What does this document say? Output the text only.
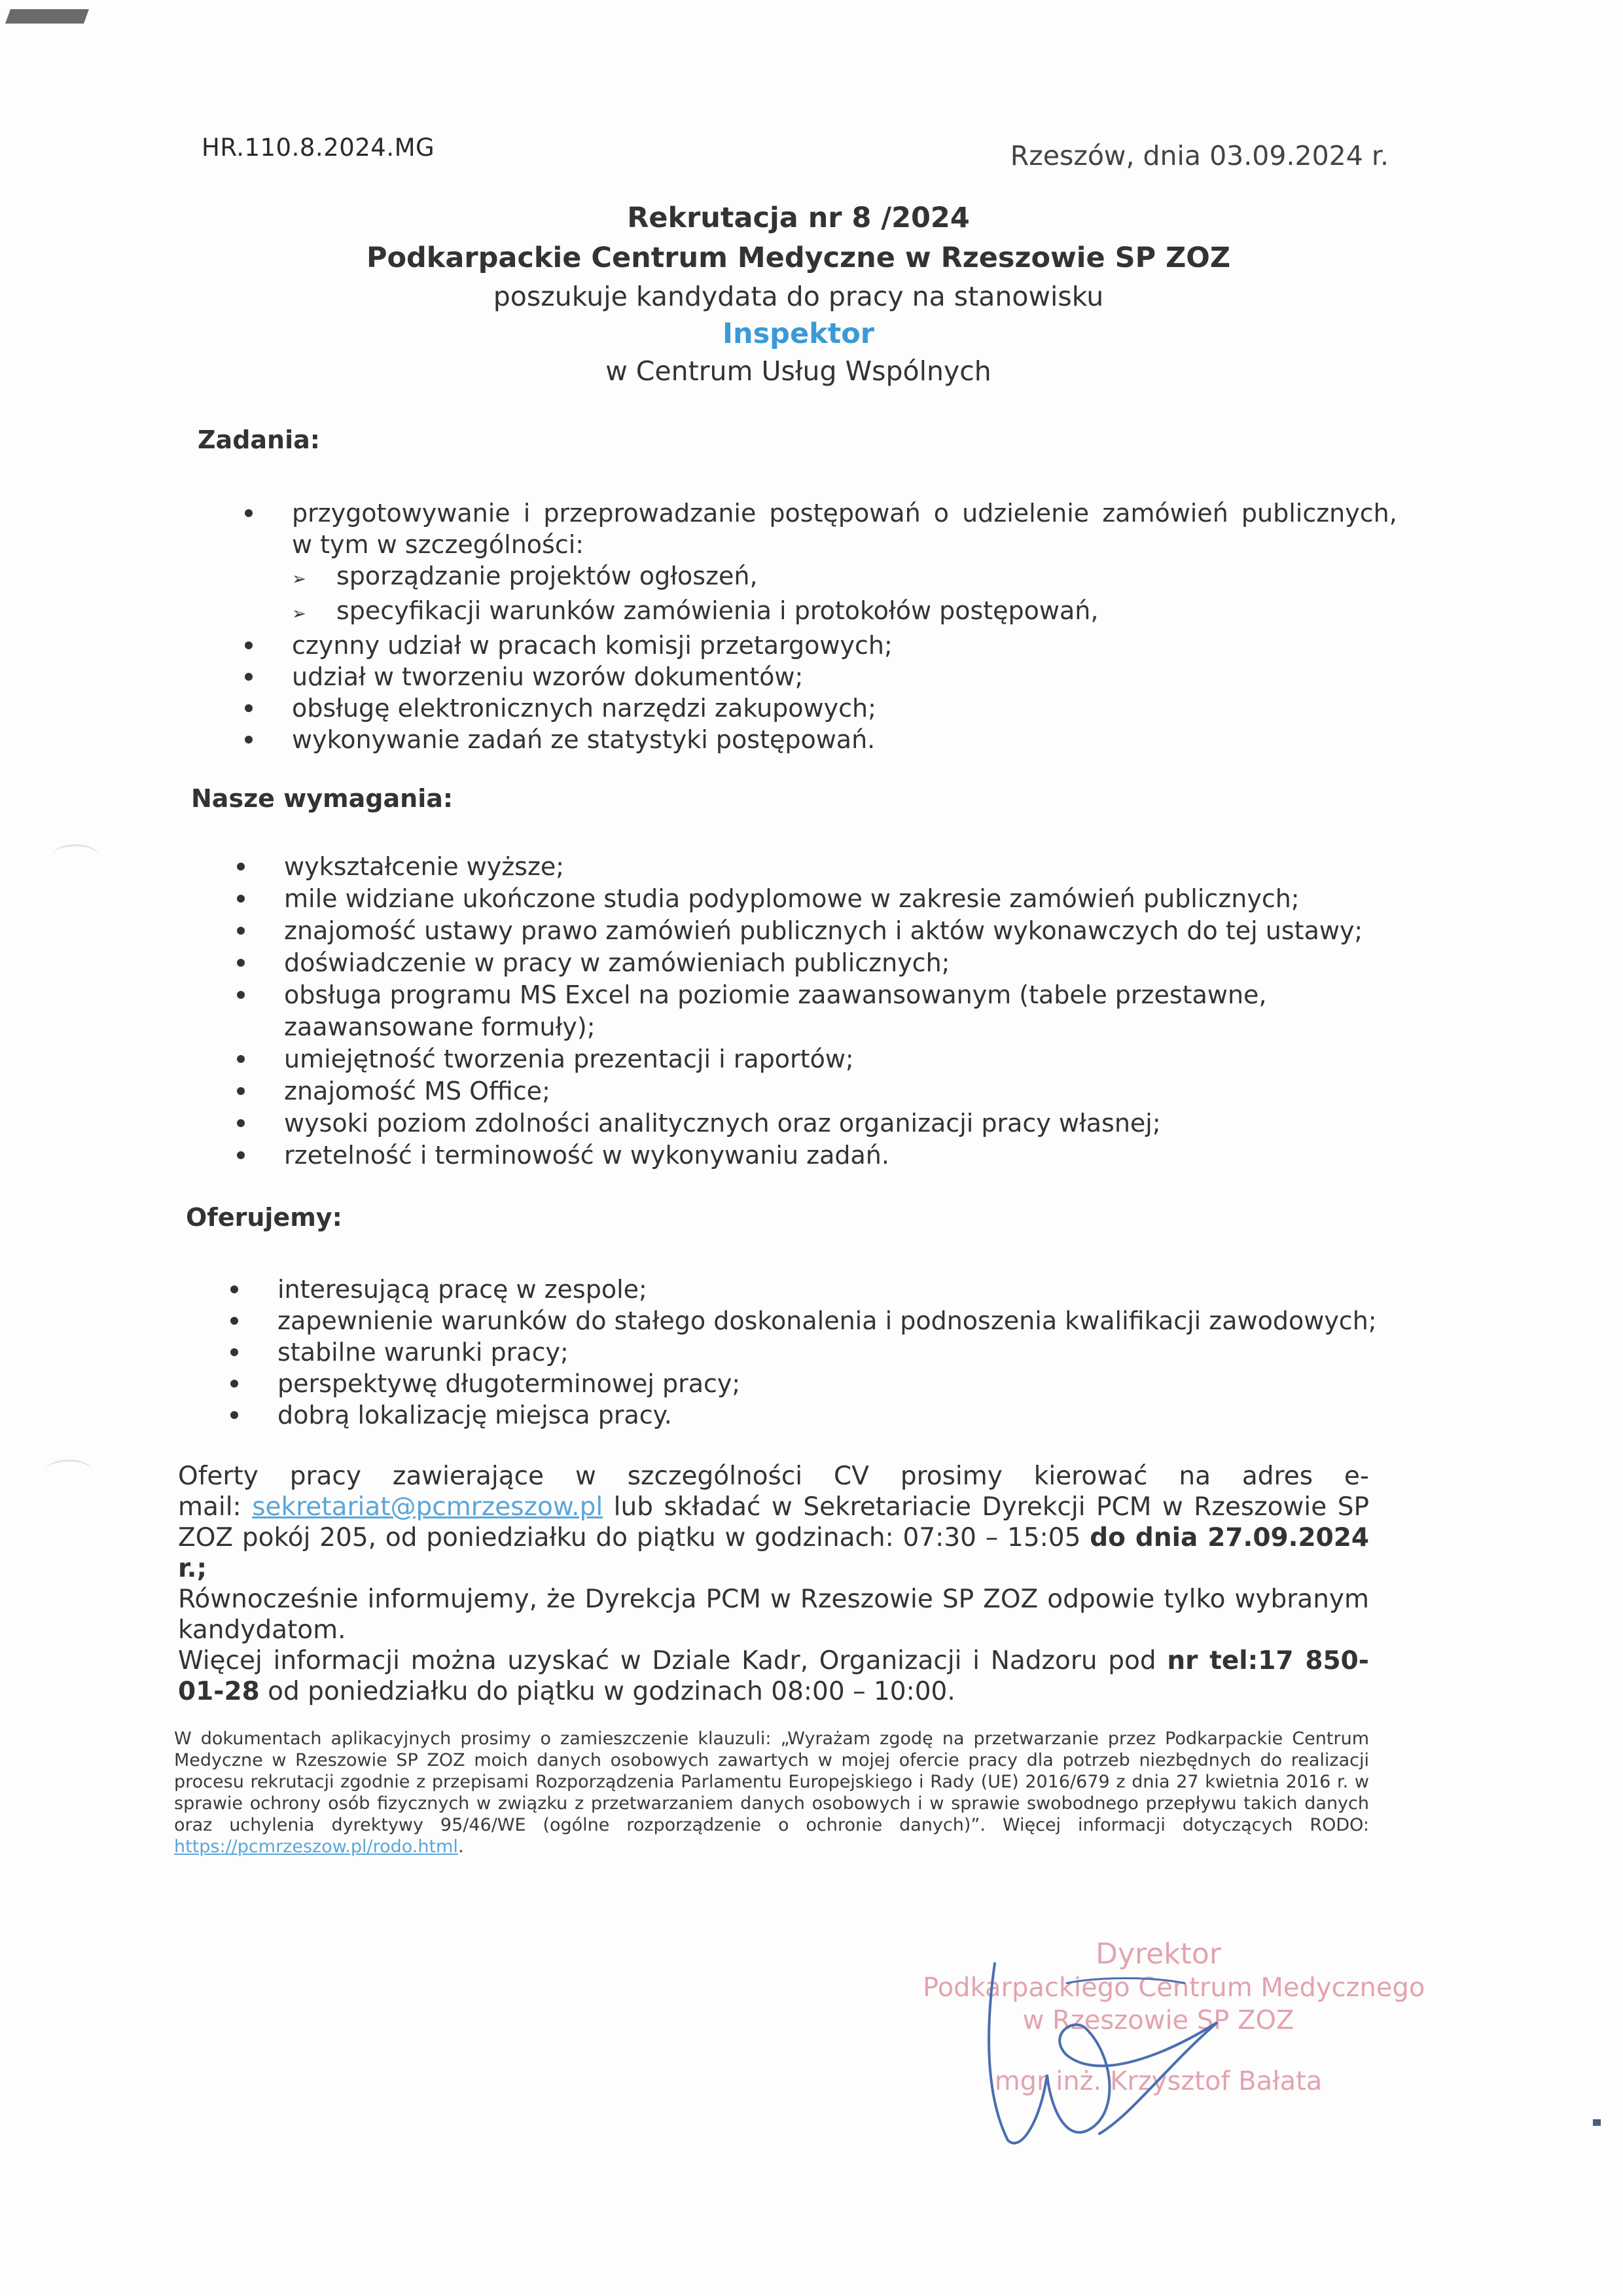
HR.110.8.2024.MG	Rzeszów, dnia 03.09.2024 r.
Rekrutacja nr 8 /2024
Podkarpackie Centrum Medyczne w Rzeszowie SP ZOZ
poszukuje kandydata do pracy na stanowisku
Inspektor
w Centrum Usług Wspólnych
Zadania:
przygotowywanie i przeprowadzanie postępowań o udzielenie zamówień publicznych,
w tym w szczególności:
➢ sporządzanie projektów ogłoszeń,
➢ specyfikacji warunków zamówienia i protokołów postępowań,
czynny udział w pracach komisji przetargowych;
udział w tworzeniu wzorów dokumentów;
obsługę elektronicznych narzędzi zakupowych;
wykonywanie zadań ze statystyki postępowań.
Nasze wymagania:
wykształcenie wyższe;
mile widziane ukończone studia podyplomowe w zakresie zamówień publicznych;
znajomość ustawy prawo zamówień publicznych i aktów wykonawczych do tej ustawy;
doświadczenie w pracy w zamówieniach publicznych;
obsługa programu MS Excel na poziomie zaawansowanym (tabele przestawne, zaawansowane formuły);
umiejętność tworzenia prezentacji i raportów;
znajomość MS Office;
wysoki poziom zdolności analitycznych oraz organizacji pracy własnej;
rzetelność i terminowość w wykonywaniu zadań.
Oferujemy:
interesującą pracę w zespole;
zapewnienie warunków do stałego doskonalenia i podnoszenia kwalifikacji zawodowych;
stabilne warunki pracy;
perspektywę długoterminowej pracy;
dobrą lokalizację miejsca pracy.

Oferty pracy zawierające w szczególności CV prosimy kierować na adres e-mail: sekretariat@pcmrzeszow.pl lub składać w Sekretariacie Dyrekcji PCM w Rzeszowie SP ZOZ pokój 205, od poniedziałku do piątku w godzinach: 07:30 – 15:05 do dnia 27.09.2024 r.;

Równocześnie informujemy, że Dyrekcja PCM w Rzeszowie SP ZOZ odpowie tylko wybranym kandydatom.

Więcej informacji można uzyskać w Dziale Kadr, Organizacji i Nadzoru pod nr tel:17 850-01-28 od poniedziałku do piątku w godzinach 08:00 – 10:00.

W dokumentach aplikacyjnych prosimy o zamieszczenie klauzuli: „Wyrażam zgodę na przetwarzanie przez Podkarpackie Centrum Medyczne w Rzeszowie SP ZOZ moich danych osobowych zawartych w mojej ofercie pracy dla potrzeb niezbędnych do realizacji procesu rekrutacji zgodnie z przepisami Rozporządzenia Parlamentu Europejskiego i Rady (UE) 2016/679 z dnia 27 kwietnia 2016 r. w sprawie ochrony osób fizycznych w związku z przetwarzaniem danych osobowych i w sprawie swobodnego przepływu takich danych oraz uchylenia dyrektywy 95/46/WE (ogólne rozporządzenie o ochronie danych)”. Więcej informacji dotyczących RODO: https://pcmrzeszow.pl/rodo.html.

Dyrektor
Podkarpackiego Centrum Medycznego
w Rzeszowie SP ZOZ
mgr inż. Krzysztof Bałata
